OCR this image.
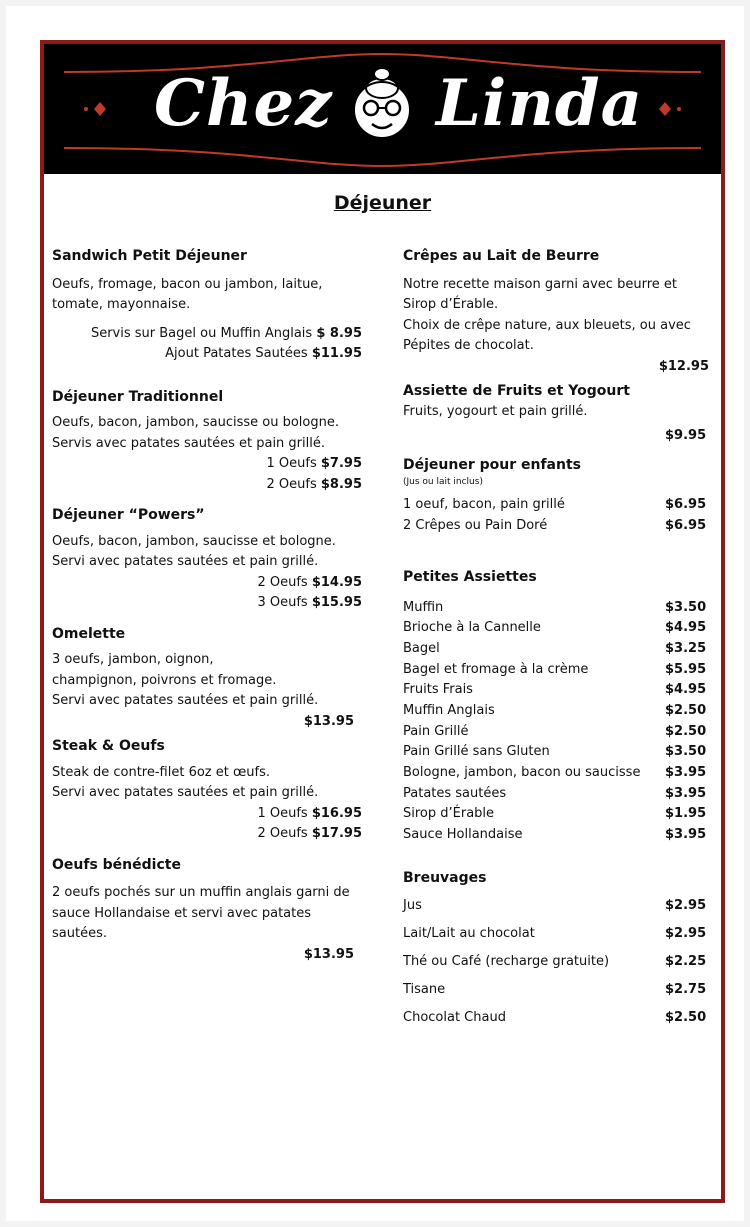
Chez Linda
Déjeuner
Sandwich Petit Déjeuner
Oeufs, fromage, bacon ou jambon, laitue,
tomate, mayonnaise.
Servis sur Bagel ou Muffin Anglais $ 8.95
Ajout Patates Sautées $11.95
Déjeuner Traditionnel
Oeufs, bacon, jambon, saucisse ou bologne.
Servis avec patates sautées et pain grillé.
1 Oeufs $7.95
2 Oeufs $8.95
Déjeuner “Powers”
Oeufs, bacon, jambon, saucisse et bologne.
Servi avec patates sautées et pain grillé.
2 Oeufs $14.95
3 Oeufs $15.95
Omelette
3 oeufs, jambon, oignon,
champignon, poivrons et fromage.
Servi avec patates sautées et pain grillé.
$13.95
Steak & Oeufs
Steak de contre-filet 6oz et œufs.
Servi avec patates sautées et pain grillé.
1 Oeufs $16.95
2 Oeufs $17.95
Oeufs bénédicte
2 oeufs pochés sur un muffin anglais garni de
sauce Hollandaise et servi avec patates sautées.
$13.95
Crêpes au Lait de Beurre
Notre recette maison garni avec beurre et
Sirop d’Érable.
Choix de crêpe nature, aux bleuets, ou avec
Pépites de chocolat.
$12.95
Assiette de Fruits et Yogourt
Fruits, yogourt et pain grillé.
$9.95
Déjeuner pour enfants
(Jus ou lait inclus)
1 oeuf, bacon, pain grillé	$6.95
2 Crêpes ou Pain Doré	$6.95
Petites Assiettes
Muffin	$3.50
Brioche à la Cannelle	$4.95
Bagel	$3.25
Bagel et fromage à la crème	$5.95
Fruits Frais	$4.95
Muffin Anglais	$2.50
Pain Grillé	$2.50
Pain Grillé sans Gluten	$3.50
Bologne, jambon, bacon ou saucisse $3.95
Patates sautées	$3.95
Sirop d’Érable	$1.95
Sauce Hollandaise	$3.95
Breuvages
Jus	$2.95
Lait/Lait au chocolat	$2.95
Thé ou Café (recharge gratuite)	$2.25
Tisane	$2.75
Chocolat Chaud	$2.50
